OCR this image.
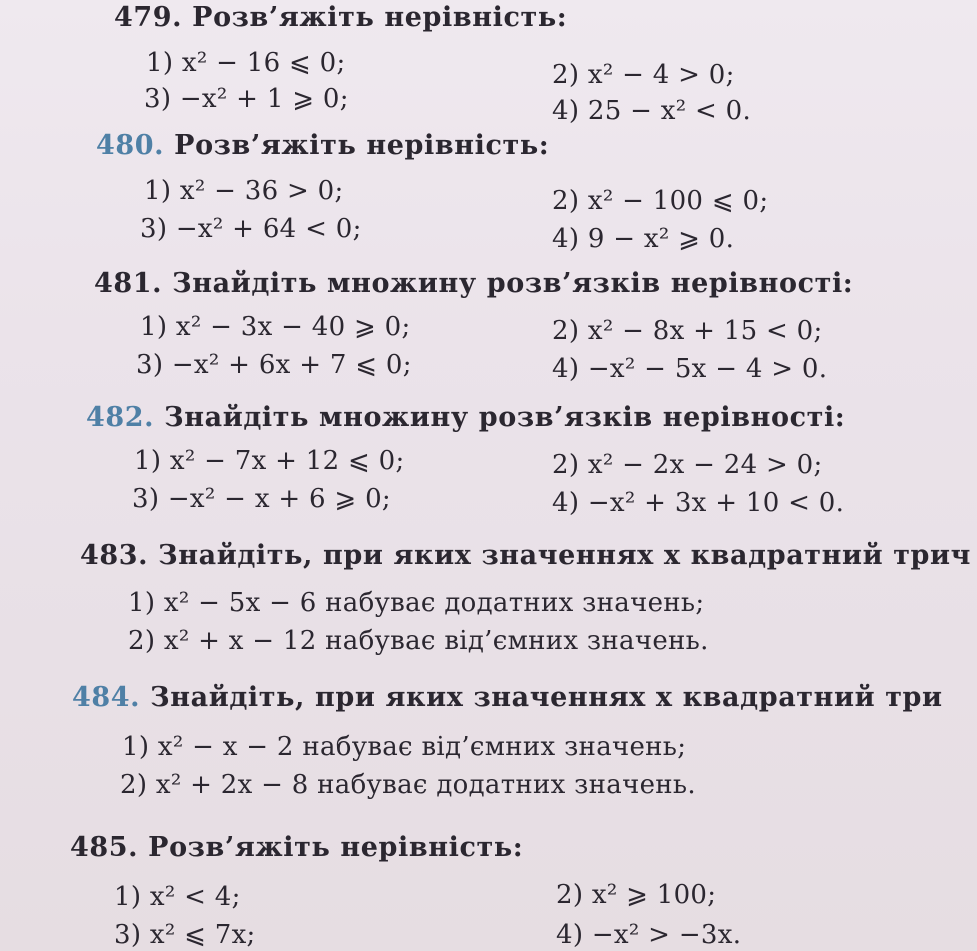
479. Розв’яжіть нерівність:
1) x² − 16 ⩽ 0;	2) x² − 4 > 0;
3) −x² + 1 ⩾ 0;	4) 25 − x² < 0.
480. Розв’яжіть нерівність:
1) x² − 36 > 0;	2) x² − 100 ⩽ 0;
3) −x² + 64 < 0;	4) 9 − x² ⩾ 0.
481. Знайдіть множину розв’язків нерівності:
1) x² − 3x − 40 ⩾ 0;	2) x² − 8x + 15 < 0;
3) −x² + 6x + 7 ⩽ 0;	4) −x² − 5x − 4 > 0.
482. Знайдіть множину розв’язків нерівності:
1) x² − 7x + 12 ⩽ 0;	2) x² − 2x − 24 > 0;
3) −x² − x + 6 ⩾ 0;	4) −x² + 3x + 10 < 0.
483. Знайдіть, при яких значеннях x квадратний трич
1) x² − 5x − 6 набуває додатних значень;
2) x² + x − 12 набуває від’ємних значень.
484. Знайдіть, при яких значеннях x квадратний три
1) x² − x − 2 набуває від’ємних значень;
2) x² + 2x − 8 набуває додатних значень.
485. Розв’яжіть нерівність:
1) x² < 4;	2) x² ⩾ 100;
3) x² ⩽ 7x;	4) −x² > −3x.
